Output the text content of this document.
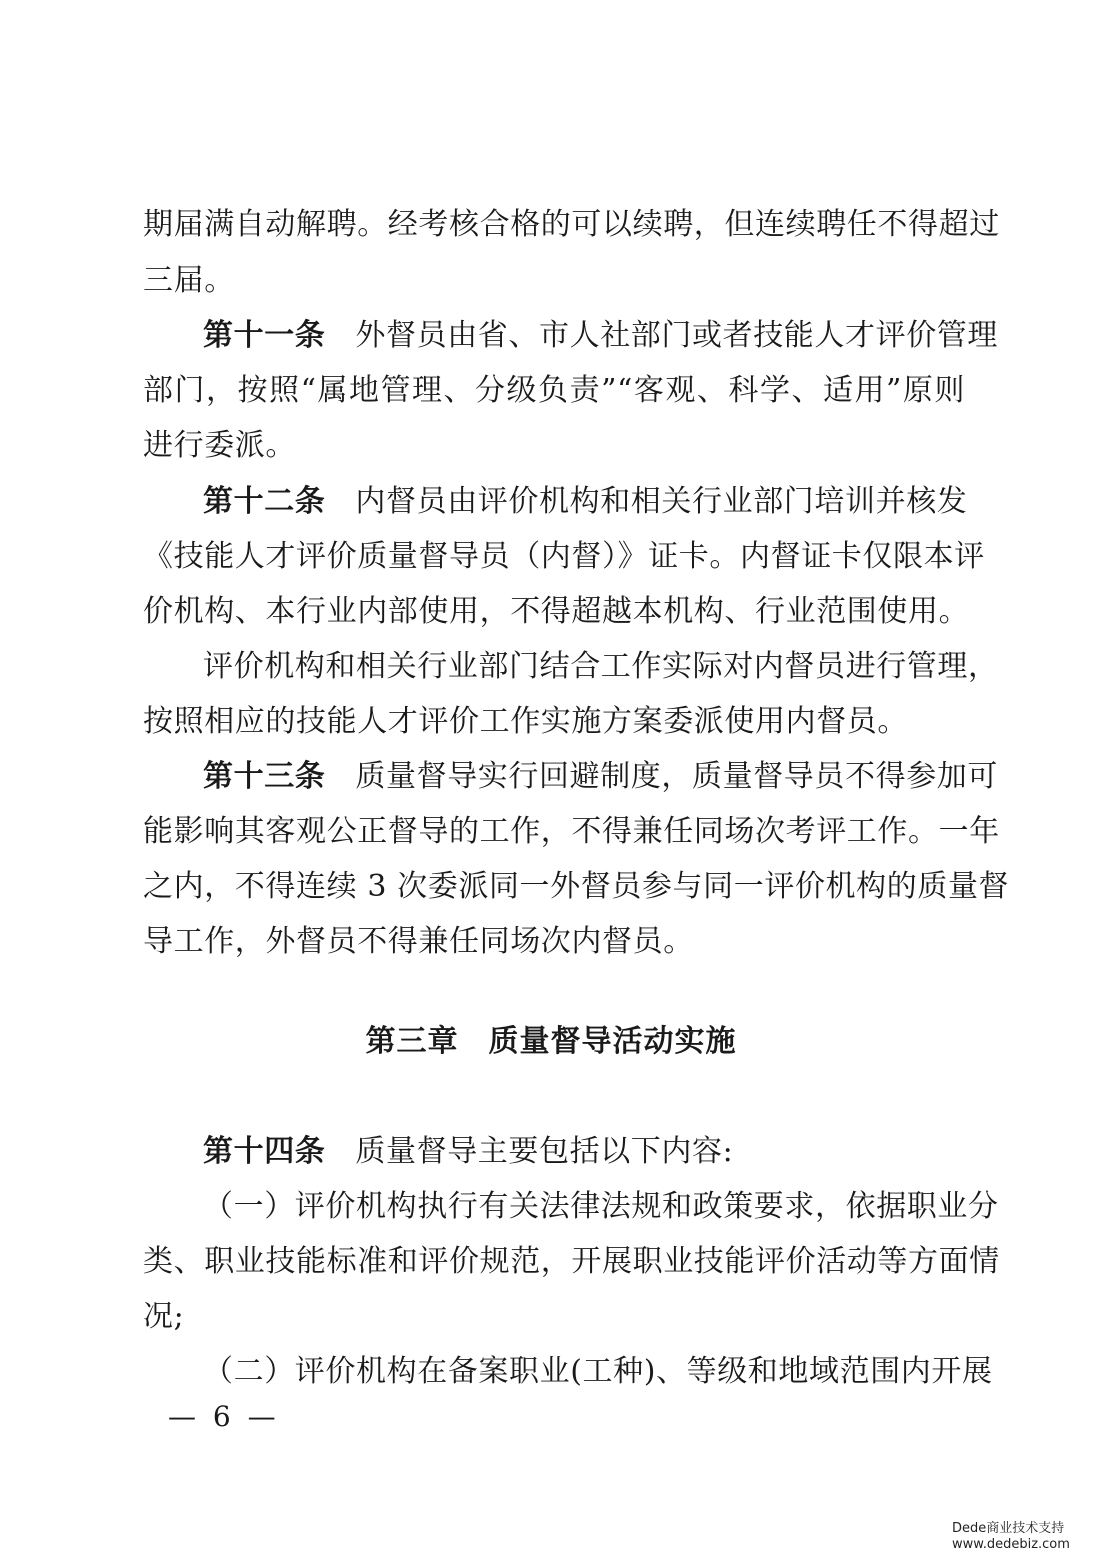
期届满自动解聘。经考核合格的可以续聘，但连续聘任不得超过
三届。
第十一条 外督员由省、市人社部门或者技能人才评价管理
部门，按照“属地管理、分级负责”“客观、科学、适用”原则
进行委派。
第十二条 内督员由评价机构和相关行业部门培训并核发
《技能人才评价质量督导员（内督）》证卡。内督证卡仅限本评
价机构、本行业内部使用，不得超越本机构、行业范围使用。
评价机构和相关行业部门结合工作实际对内督员进行管理，
按照相应的技能人才评价工作实施方案委派使用内督员。
第十三条 质量督导实行回避制度，质量督导员不得参加可
能影响其客观公正督导的工作，不得兼任同场次考评工作。一年
之内，不得连续 3 次委派同一外督员参与同一评价机构的质量督
导工作，外督员不得兼任同场次内督员。
第三章 质量督导活动实施
第十四条 质量督导主要包括以下内容:
（一）评价机构执行有关法律法规和政策要求，依据职业分
类、职业技能标准和评价规范，开展职业技能评价活动等方面情
况;
（二）评价机构在备案职业(工种)、等级和地域范围内开展
— 6 —
Dede商业技术支持
www.dedebiz.com
